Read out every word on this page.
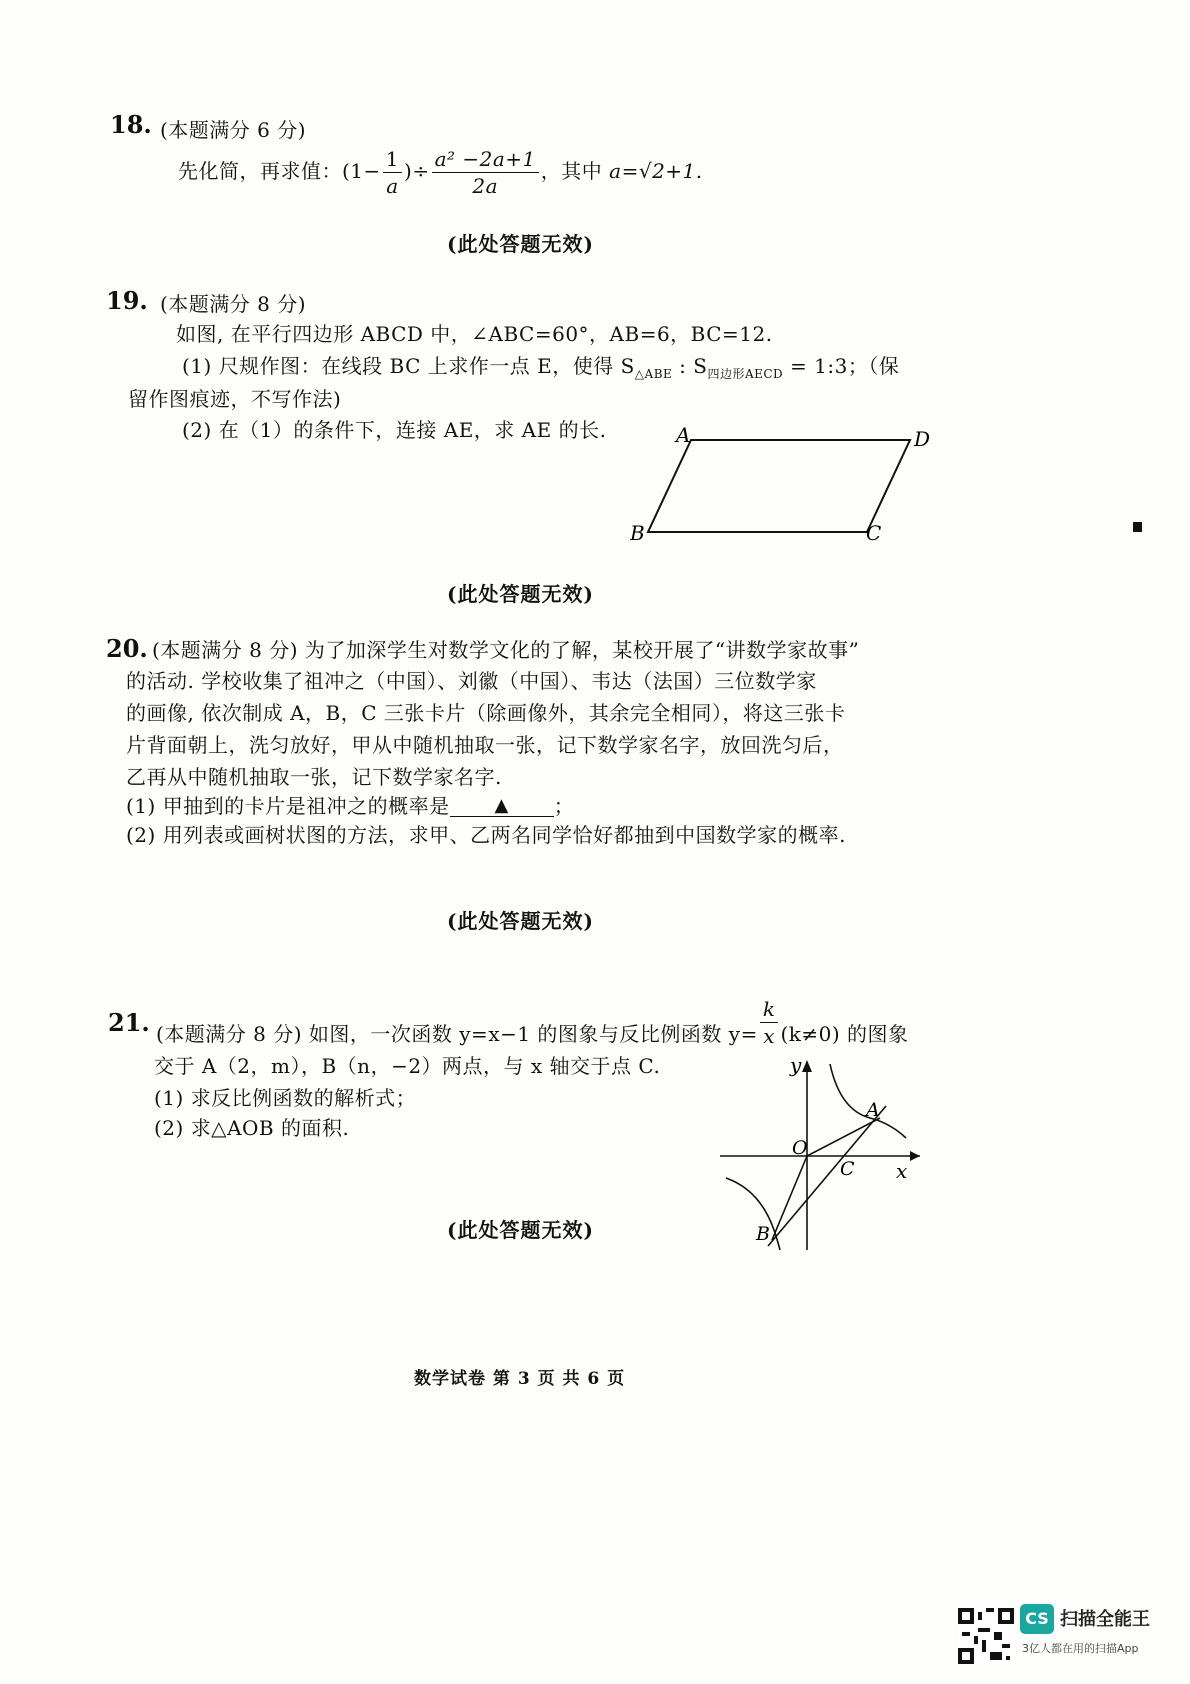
18. (本题满分 6 分)
先化简，再求值：($1- \frac{1}{a}$ )÷ $\frac{\text{a² −2a+1}}{2a}$ ，其中 a=√2+1.
(此处答题无效)
19. (本题满分 8 分)
如图, 在平行四边形 ABCD 中，∠ABC=60°，AB=6，BC=12.
(1) 尺规作图：在线段 BC 上求作一点 E，使得 $S_{\triangle ABE}$ : $S_{四边形AECD}$ = 1:3；（保
留作图痕迹，不写作法)
(2) 在（1）的条件下，连接 AE，求 AE 的长.	A	D
B	C
(此处答题无效)
20. (本题满分 8 分) 为了加深学生对数学文化的了解，某校开展了“讲数学家故事”
的活动. 学校收集了祖冲之（中国）、刘徽（中国）、韦达（法国）三位数学家
的画像, 依次制成 A，B，C 三张卡片（除画像外，其余完全相同），将这三张卡
片背面朝上，洗匀放好，甲从中随机抽取一张，记下数学家名字，放回洗匀后，
乙再从中随机抽取一张，记下数学家名字.
(1) 甲抽到的卡片是祖冲之的概率是 ▲ ；
(2) 用列表或画树状图的方法，求甲、乙两名同学恰好都抽到中国数学家的概率.
(此处答题无效)
21. (本题满分 8 分) 如图，一次函数 y=x−1 的图象与反比例函数 $y= \frac{k}{x} (k\ne 0)$ 的图象
交于 A（2，m），B（n，−2）两点，与 x 轴交于点 C.
(1) 求反比例函数的解析式；
(2) 求△AOB 的面积.
y
x
O
A
B
C
(此处答题无效)
数学试卷 第 3 页 共 6 页
CS 扫描全能王
3亿人都在用的扫描App
